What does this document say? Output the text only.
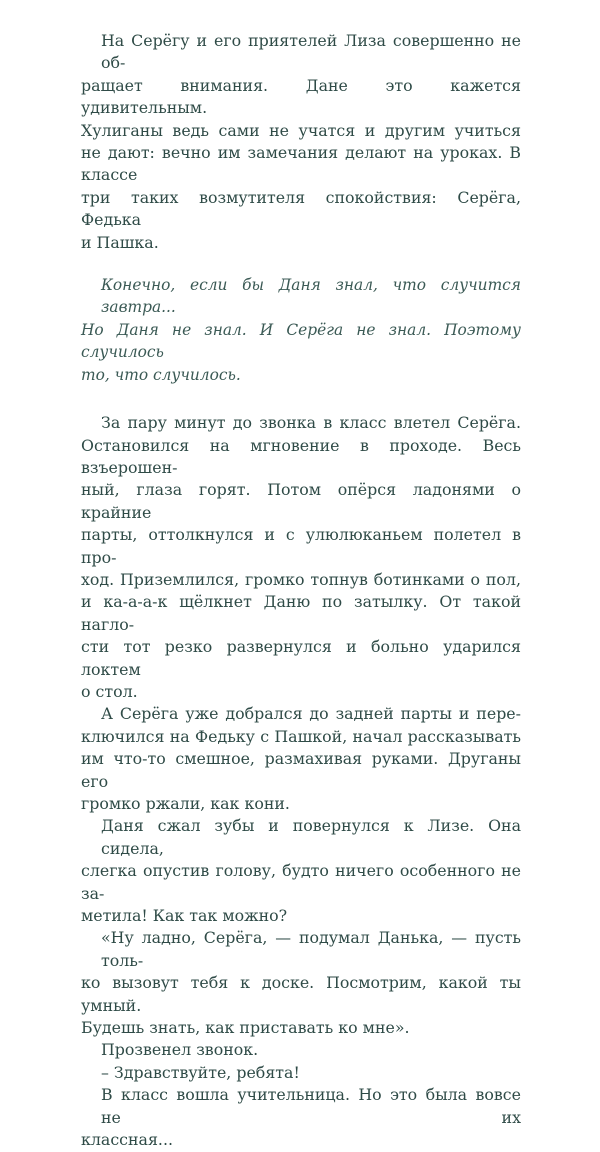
На Серёгу и его приятелей Лиза совершенно не об-
ращает внимания. Дане это кажется удивительным.
Хулиганы ведь сами не учатся и другим учиться
не дают: вечно им замечания делают на уроках. В классе
три таких возмутителя спокойствия: Серёга, Федька
и Пашка.

Конечно, если бы Даня знал, что случится завтра...
Но Даня не знал. И Серёга не знал. Поэтому случилось
то, что случилось.

За пару минут до звонка в класс влетел Серёга.
Остановился на мгновение в проходе. Весь взъерошен-
ный, глаза горят. Потом опёрся ладонями о крайние
парты, оттолкнулся и с улюлюканьем полетел в про-
ход. Приземлился, громко топнув ботинками о пол,
и ка-а-а-к щёлкнет Даню по затылку. От такой нагло-
сти тот резко развернулся и больно ударился локтем
о стол.

А Серёга уже добрался до задней парты и пере-
ключился на Федьку с Пашкой, начал рассказывать
им что-то смешное, размахивая руками. Друганы его
громко ржали, как кони.

Даня сжал зубы и повернулся к Лизе. Она сидела,
слегка опустив голову, будто ничего особенного не за-
метила! Как так можно?

«Ну ладно, Серёга, — подумал Данька, — пусть толь-
ко вызовут тебя к доске. Посмотрим, какой ты умный.
Будешь знать, как приставать ко мне».

Прозвенел звонок.

– Здравствуйте, ребята!

В класс вошла учительница. Но это была вовсе не их
классная...
